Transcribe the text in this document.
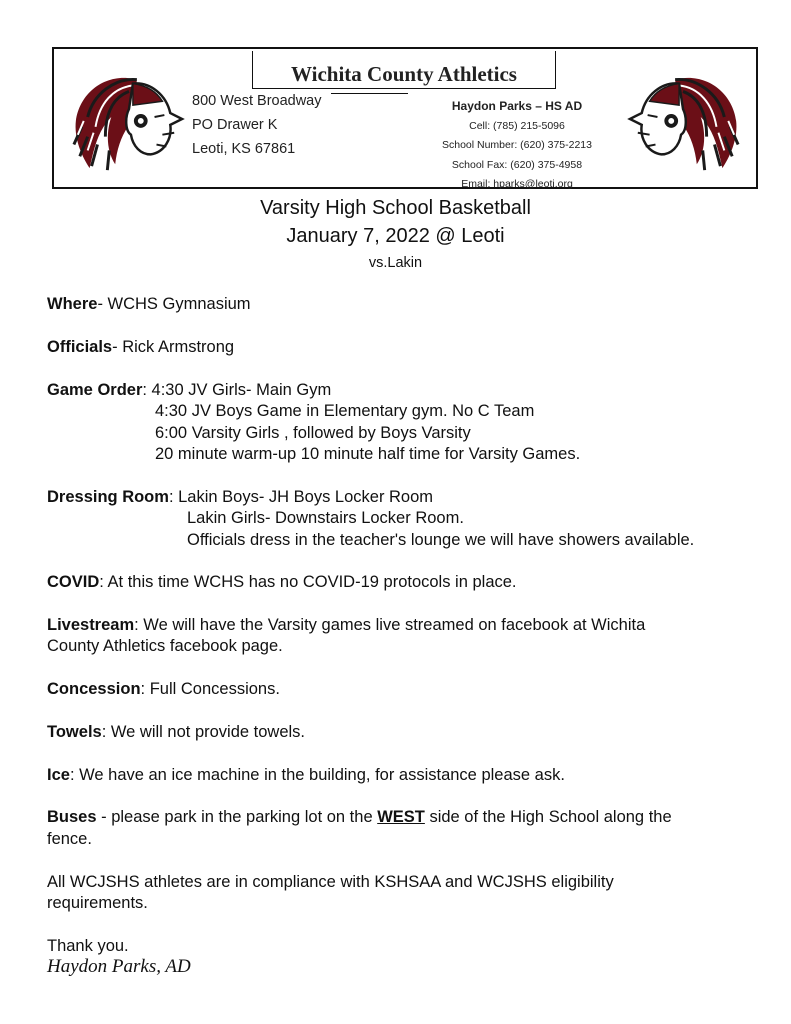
Wichita County Athletics
800 West Broadway
PO Drawer K
Leoti, KS 67861
Haydon Parks – HS AD
Cell: (785) 215-5096
School Number: (620) 375-2213
School Fax: (620) 375-4958
Email: hparks@leoti.org
Varsity High School Basketball
January 7, 2022 @ Leoti
vs.Lakin
Where- WCHS Gymnasium
Officials- Rick Armstrong
Game Order: 4:30 JV Girls- Main Gym
4:30 JV Boys Game in Elementary gym. No C Team
6:00 Varsity Girls , followed by Boys Varsity
20 minute warm-up 10 minute half time for Varsity Games.
Dressing Room: Lakin Boys- JH Boys Locker Room
Lakin Girls- Downstairs Locker Room.
Officials dress in the teacher's lounge we will have showers available.
COVID: At this time WCHS has no COVID-19 protocols in place.
Livestream: We will have the Varsity games live streamed on facebook at Wichita
County Athletics facebook page.
Concession: Full Concessions.
Towels: We will not provide towels.
Ice: We have an ice machine in the building, for assistance please ask.
Buses - please park in the parking lot on the WEST side of the High School along the
fence.
All WCJSHS athletes are in compliance with KSHSAA and WCJSHS eligibility
requirements.
Thank you.
Haydon Parks, AD
